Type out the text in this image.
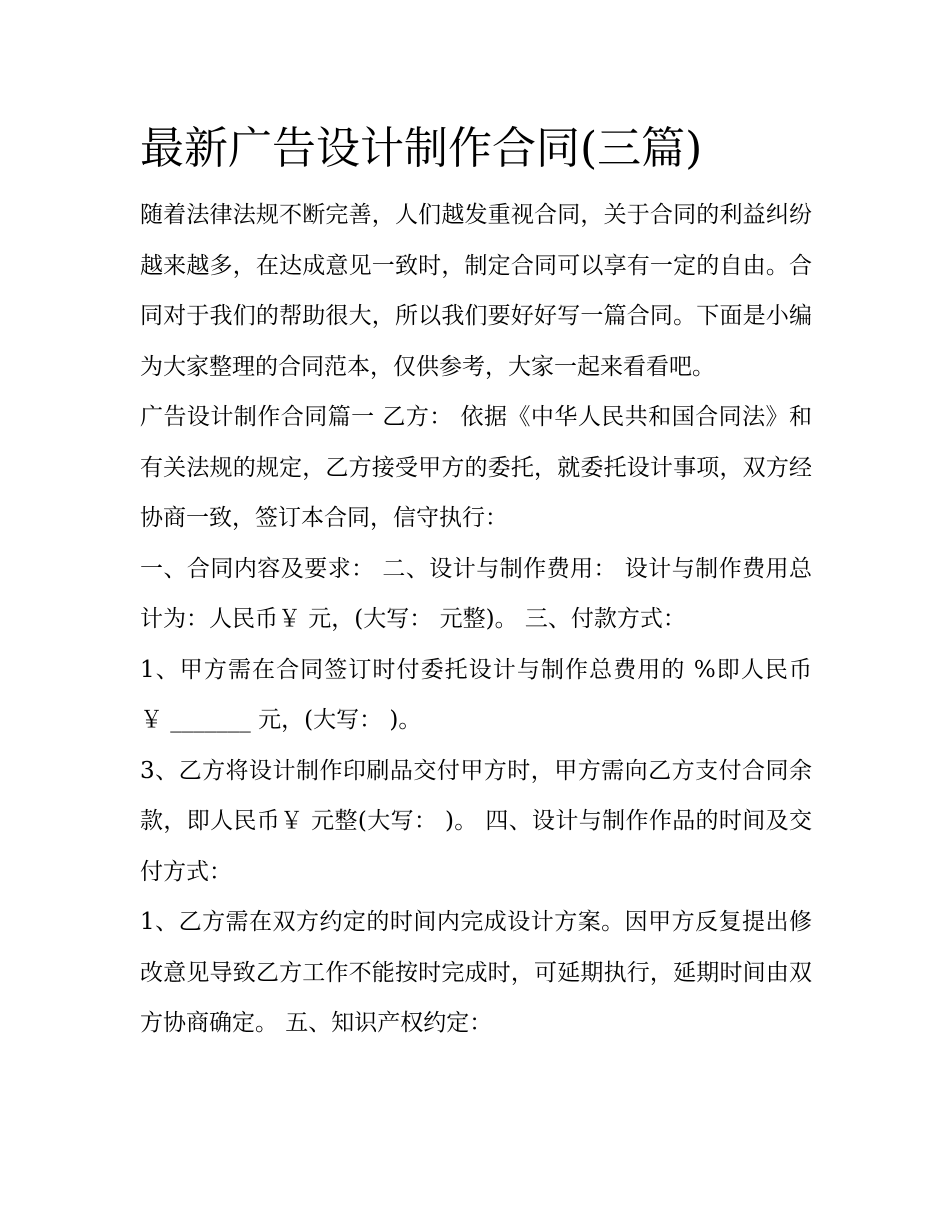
最新广告设计制作合同(三篇)

随着法律法规不断完善，人们越发重视合同，关于合同的利益纠纷越来越多，在达成意见一致时，制定合同可以享有一定的自由。合同对于我们的帮助很大，所以我们要好好写一篇合同。下面是小编为大家整理的合同范本，仅供参考，大家一起来看看吧。

广告设计制作合同篇一 乙方： 依据《中华人民共和国合同法》和有关法规的规定，乙方接受甲方的委托，就委托设计事项，双方经协商一致，签订本合同，信守执行：

一、合同内容及要求： 二、设计与制作费用： 设计与制作费用总计为：人民币￥ 元，(大写： 元整)。 三、付款方式：

1、甲方需在合同签订时付委托设计与制作总费用的 %即人民币 ￥ _______ 元，(大写： )。

3、乙方将设计制作印刷品交付甲方时，甲方需向乙方支付合同余款，即人民币￥ 元整(大写： )。 四、设计与制作作品的时间及交付方式：

1、乙方需在双方约定的时间内完成设计方案。因甲方反复提出修改意见导致乙方工作不能按时完成时，可延期执行，延期时间由双方协商确定。 五、知识产权约定：
